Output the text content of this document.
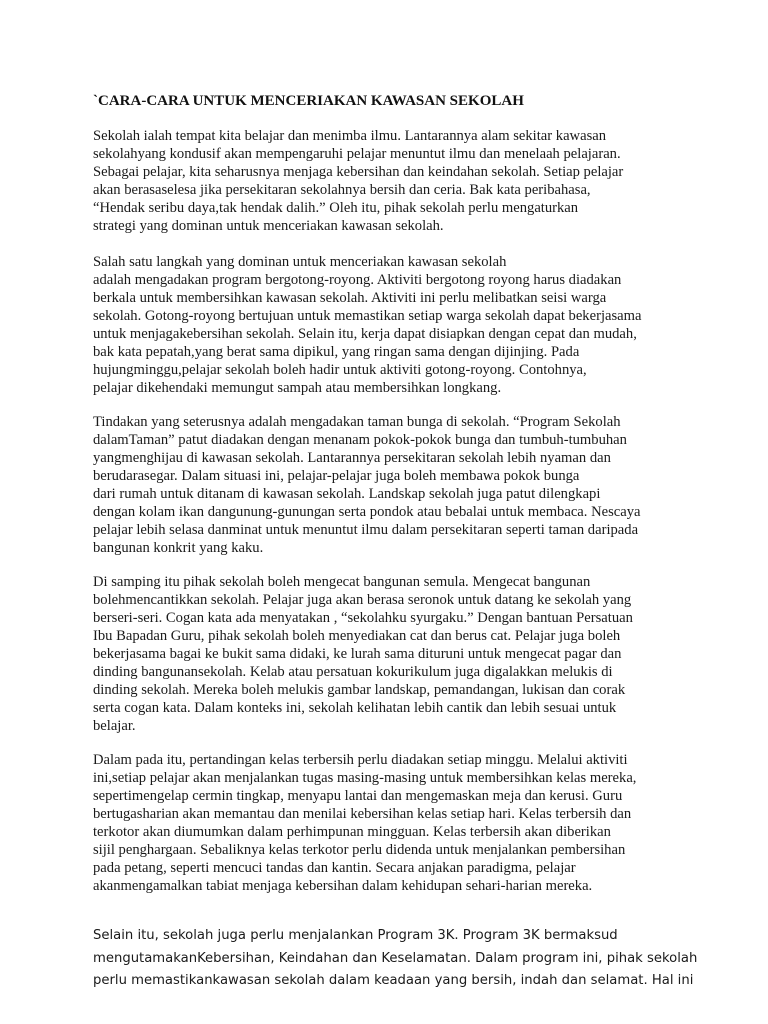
`CARA-CARA UNTUK MENCERIAKAN KAWASAN SEKOLAH

Sekolah ialah tempat kita belajar dan menimba ilmu. Lantarannya alam sekitar kawasan
sekolahyang kondusif akan mempengaruhi pelajar menuntut ilmu dan menelaah pelajaran.
Sebagai pelajar, kita seharusnya menjaga kebersihan dan keindahan sekolah. Setiap pelajar
akan berasaselesa jika persekitaran sekolahnya bersih dan ceria. Bak kata peribahasa,
“Hendak seribu daya,tak hendak dalih.” Oleh itu, pihak sekolah perlu mengaturkan
strategi yang dominan untuk menceriakan kawasan sekolah.

Salah satu langkah yang dominan untuk menceriakan kawasan sekolah
adalah mengadakan program bergotong-royong. Aktiviti bergotong royong harus diadakan
berkala untuk membersihkan kawasan sekolah. Aktiviti ini perlu melibatkan seisi warga
sekolah. Gotong-royong bertujuan untuk memastikan setiap warga sekolah dapat bekerjasama
untuk menjagakebersihan sekolah. Selain itu, kerja dapat disiapkan dengan cepat dan mudah,
bak kata pepatah,yang berat sama dipikul, yang ringan sama dengan dijinjing. Pada
hujungminggu,pelajar sekolah boleh hadir untuk aktiviti gotong-royong. Contohnya,
pelajar dikehendaki memungut sampah atau membersihkan longkang.

Tindakan yang seterusnya adalah mengadakan taman bunga di sekolah. “Program Sekolah
dalamTaman” patut diadakan dengan menanam pokok-pokok bunga dan tumbuh-tumbuhan
yangmenghijau di kawasan sekolah. Lantarannya persekitaran sekolah lebih nyaman dan
berudarasegar. Dalam situasi ini, pelajar-pelajar juga boleh membawa pokok bunga
dari rumah untuk ditanam di kawasan sekolah. Landskap sekolah juga patut dilengkapi
dengan kolam ikan dangunung-gunungan serta pondok atau bebalai untuk membaca. Nescaya
pelajar lebih selasa danminat untuk menuntut ilmu dalam persekitaran seperti taman daripada
bangunan konkrit yang kaku.

Di samping itu pihak sekolah boleh mengecat bangunan semula. Mengecat bangunan
bolehmencantikkan sekolah. Pelajar juga akan berasa seronok untuk datang ke sekolah yang
berseri-seri. Cogan kata ada menyatakan , “sekolahku syurgaku.” Dengan bantuan Persatuan
Ibu Bapadan Guru, pihak sekolah boleh menyediakan cat dan berus cat. Pelajar juga boleh
bekerjasama bagai ke bukit sama didaki, ke lurah sama dituruni untuk mengecat pagar dan
dinding bangunansekolah. Kelab atau persatuan kokurikulum juga digalakkan melukis di
dinding sekolah. Mereka boleh melukis gambar landskap, pemandangan, lukisan dan corak
serta cogan kata. Dalam konteks ini, sekolah kelihatan lebih cantik dan lebih sesuai untuk
belajar.

Dalam pada itu, pertandingan kelas terbersih perlu diadakan setiap minggu. Melalui aktiviti
ini,setiap pelajar akan menjalankan tugas masing-masing untuk membersihkan kelas mereka,
sepertimengelap cermin tingkap, menyapu lantai dan mengemaskan meja dan kerusi. Guru
bertugasharian akan memantau dan menilai kebersihan kelas setiap hari. Kelas terbersih dan
terkotor akan diumumkan dalam perhimpunan mingguan. Kelas terbersih akan diberikan
sijil penghargaan. Sebaliknya kelas terkotor perlu didenda untuk menjalankan pembersihan
pada petang, seperti mencuci tandas dan kantin. Secara anjakan paradigma, pelajar
akanmengamalkan tabiat menjaga kebersihan dalam kehidupan sehari-harian mereka.

Selain itu, sekolah juga perlu menjalankan Program 3K. Program 3K bermaksud
mengutamakanKebersihan, Keindahan dan Keselamatan. Dalam program ini, pihak sekolah
perlu memastikankawasan sekolah dalam keadaan yang bersih, indah dan selamat. Hal ini
